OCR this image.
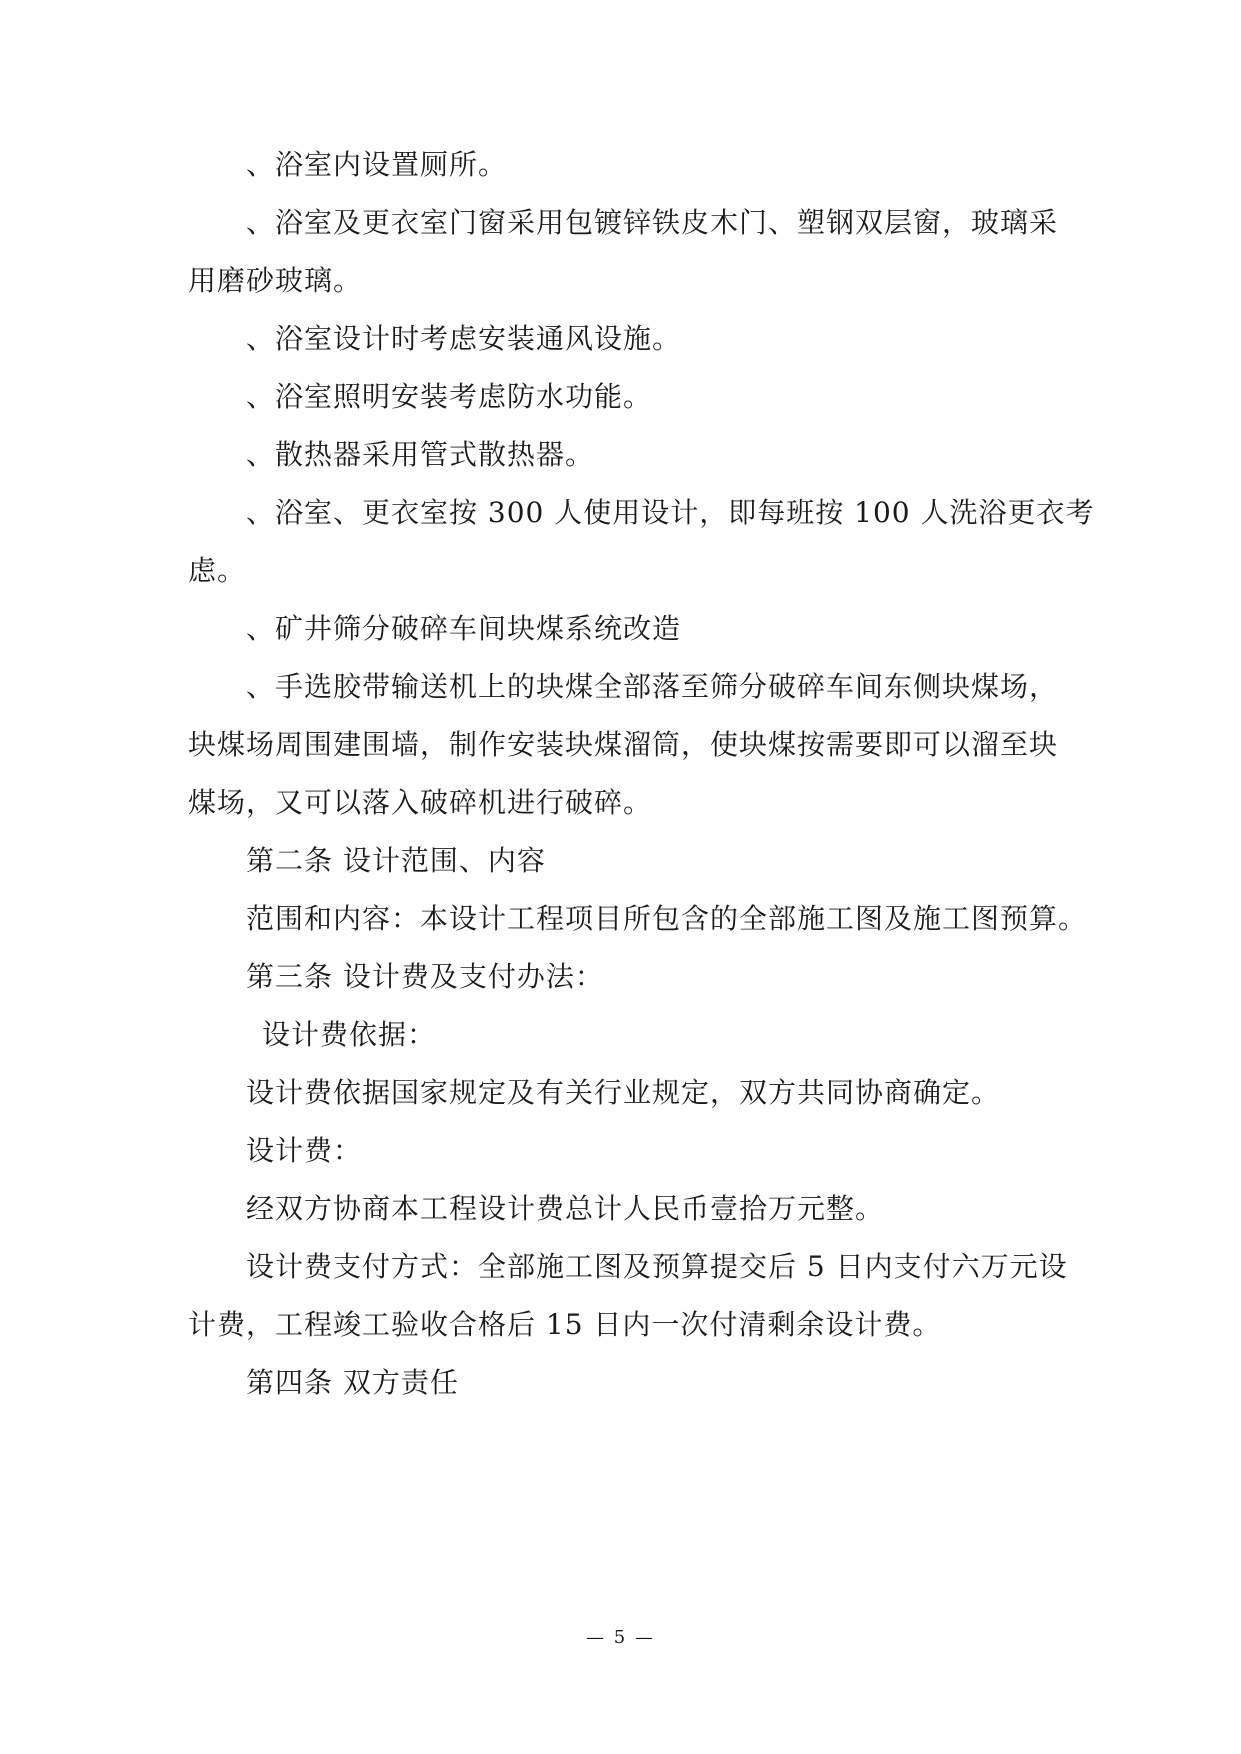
、浴室内设置厕所。
、浴室及更衣室门窗采用包镀锌铁皮木门、塑钢双层窗，玻璃采
用磨砂玻璃。
、浴室设计时考虑安装通风设施。
、浴室照明安装考虑防水功能。
、散热器采用管式散热器。
、浴室、更衣室按 300 人使用设计，即每班按 100 人洗浴更衣考
虑。
、矿井筛分破碎车间块煤系统改造
、手选胶带输送机上的块煤全部落至筛分破碎车间东侧块煤场，
块煤场周围建围墙，制作安装块煤溜筒，使块煤按需要即可以溜至块
煤场，又可以落入破碎机进行破碎。
第二条 设计范围、内容
范围和内容：本设计工程项目所包含的全部施工图及施工图预算。
第三条 设计费及支付办法：
设计费依据：
设计费依据国家规定及有关行业规定，双方共同协商确定。
设计费：
经双方协商本工程设计费总计人民币壹拾万元整。
设计费支付方式：全部施工图及预算提交后 5 日内支付六万元设
计费，工程竣工验收合格后 15 日内一次付清剩余设计费。
第四条 双方责任
— 5 —
